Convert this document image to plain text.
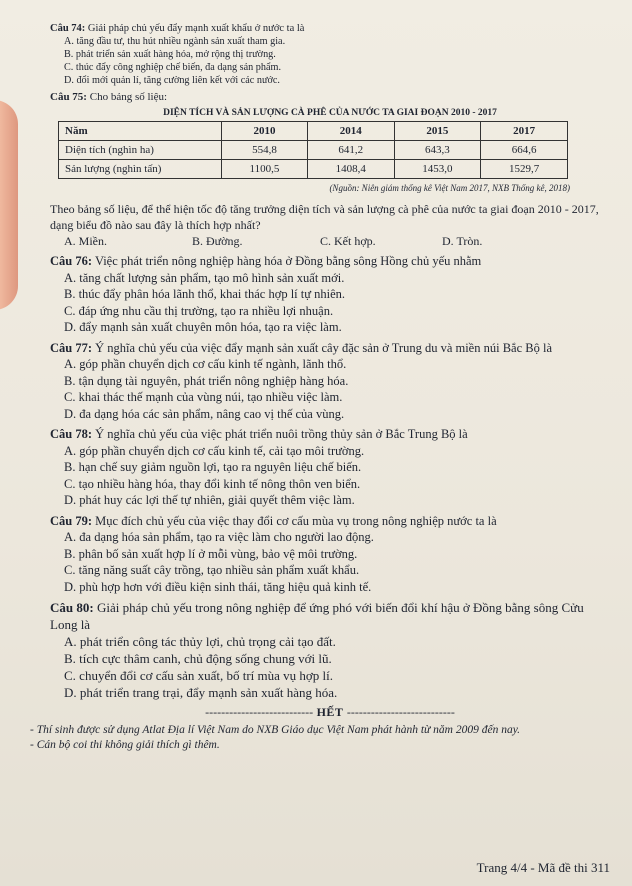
Câu 74: Giải pháp chủ yếu đẩy mạnh xuất khẩu ở nước ta là

A. tăng đầu tư, thu hút nhiều ngành sản xuất tham gia.

B. phát triển sản xuất hàng hóa, mở rộng thị trường.

C. thúc đẩy công nghiệp chế biến, đa dạng sản phẩm.

D. đổi mới quản lí, tăng cường liên kết với các nước.

Câu 75: Cho bảng số liệu:

DIỆN TÍCH VÀ SẢN LƯỢNG CÀ PHÊ CỦA NƯỚC TA GIAI ĐOẠN 2010 - 2017
Năm	2010	2014	2015	2017
Diện tích (nghìn ha)	554,8	641,2	643,3	664,6
Sản lượng (nghìn tấn)	1100,5	1408,4	1453,0	1529,7
(Nguồn: Niên giám thống kê Việt Nam 2017, NXB Thống kê, 2018)

Theo bảng số liệu, để thể hiện tốc độ tăng trưởng diện tích và sản lượng cà phê của nước ta giai đoạn 2010 - 2017, dạng biểu đồ nào sau đây là thích hợp nhất?

A. Miền.	B. Đường.	C. Kết hợp.	D. Tròn.

Câu 76: Việc phát triển nông nghiệp hàng hóa ở Đồng bằng sông Hồng chủ yếu nhằm

A. tăng chất lượng sản phẩm, tạo mô hình sản xuất mới.

B. thúc đẩy phân hóa lãnh thổ, khai thác hợp lí tự nhiên.

C. đáp ứng nhu cầu thị trường, tạo ra nhiều lợi nhuận.

D. đẩy mạnh sản xuất chuyên môn hóa, tạo ra việc làm.

Câu 77: Ý nghĩa chủ yếu của việc đẩy mạnh sản xuất cây đặc sản ở Trung du và miền núi Bắc Bộ là

A. góp phần chuyển dịch cơ cấu kinh tế ngành, lãnh thổ.

B. tận dụng tài nguyên, phát triển nông nghiệp hàng hóa.

C. khai thác thế mạnh của vùng núi, tạo nhiều việc làm.

D. đa dạng hóa các sản phẩm, nâng cao vị thế của vùng.

Câu 78: Ý nghĩa chủ yếu của việc phát triển nuôi trồng thủy sản ở Bắc Trung Bộ là

A. góp phần chuyển dịch cơ cấu kinh tế, cải tạo môi trường.

B. hạn chế suy giảm nguồn lợi, tạo ra nguyên liệu chế biến.

C. tạo nhiều hàng hóa, thay đổi kinh tế nông thôn ven biển.

D. phát huy các lợi thế tự nhiên, giải quyết thêm việc làm.

Câu 79: Mục đích chủ yếu của việc thay đổi cơ cấu mùa vụ trong nông nghiệp nước ta là

A. đa dạng hóa sản phẩm, tạo ra việc làm cho người lao động.

B. phân bố sản xuất hợp lí ở mỗi vùng, bảo vệ môi trường.

C. tăng năng suất cây trồng, tạo nhiều sản phẩm xuất khẩu.

D. phù hợp hơn với điều kiện sinh thái, tăng hiệu quả kinh tế.

Câu 80: Giải pháp chủ yếu trong nông nghiệp để ứng phó với biến đổi khí hậu ở Đồng bằng sông Cửu Long là

A. phát triển công tác thủy lợi, chủ trọng cải tạo đất.

B. tích cực thâm canh, chủ động sống chung với lũ.

C. chuyển đổi cơ cấu sản xuất, bố trí mùa vụ hợp lí.

D. phát triển trang trại, đẩy mạnh sản xuất hàng hóa.

--------------------------- HẾT ---------------------------

- Thí sinh được sử dụng Atlat Địa lí Việt Nam do NXB Giáo dục Việt Nam phát hành từ năm 2009 đến nay.

- Cán bộ coi thi không giải thích gì thêm.

Trang 4/4 - Mã đề thi 311
